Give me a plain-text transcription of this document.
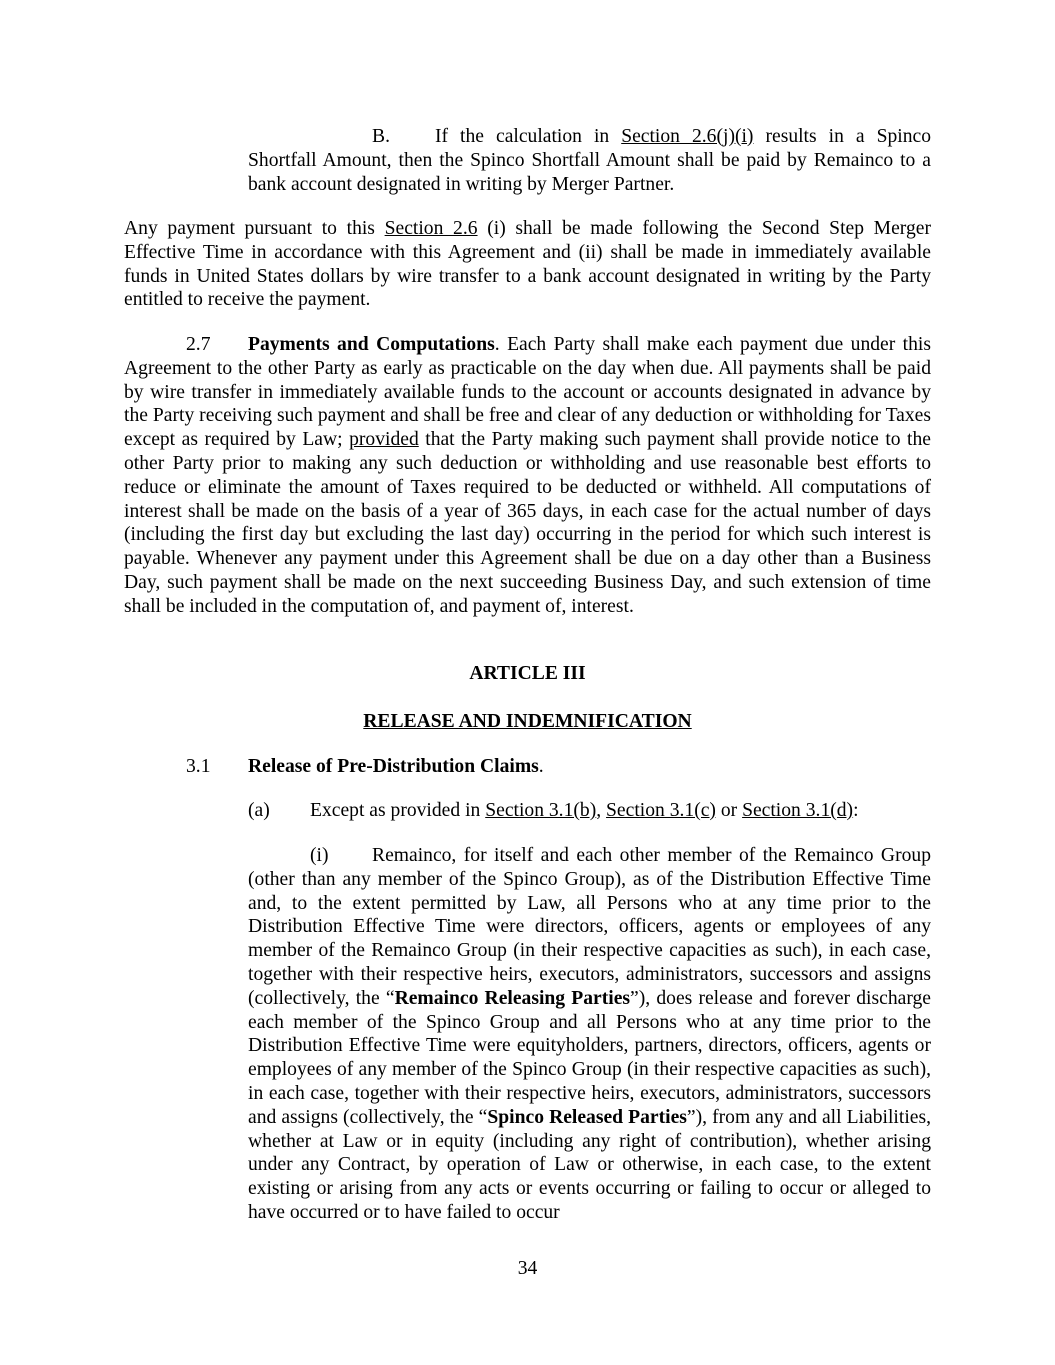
B. If the calculation in Section 2.6(j)(i) results in a Spinco Shortfall Amount, then the Spinco Shortfall Amount shall be paid by Remainco to a bank account designated in writing by Merger Partner.

Any payment pursuant to this Section 2.6 (i) shall be made following the Second Step Merger Effective Time in accordance with this Agreement and (ii) shall be made in immediately available funds in United States dollars by wire transfer to a bank account designated in writing by the Party entitled to receive the payment.

2.7 Payments and Computations. Each Party shall make each payment due under this Agreement to the other Party as early as practicable on the day when due. All payments shall be paid by wire transfer in immediately available funds to the account or accounts designated in advance by the Party receiving such payment and shall be free and clear of any deduction or withholding for Taxes except as required by Law; provided that the Party making such payment shall provide notice to the other Party prior to making any such deduction or withholding and use reasonable best efforts to reduce or eliminate the amount of Taxes required to be deducted or withheld. All computations of interest shall be made on the basis of a year of 365 days, in each case for the actual number of days (including the first day but excluding the last day) occurring in the period for which such interest is payable. Whenever any payment under this Agreement shall be due on a day other than a Business Day, such payment shall be made on the next succeeding Business Day, and such extension of time shall be included in the computation of, and payment of, interest.

ARTICLE III

RELEASE AND INDEMNIFICATION

3.1 Release of Pre-Distribution Claims.

(a) Except as provided in Section 3.1(b), Section 3.1(c) or Section 3.1(d):

(i) Remainco, for itself and each other member of the Remainco Group (other than any member of the Spinco Group), as of the Distribution Effective Time and, to the extent permitted by Law, all Persons who at any time prior to the Distribution Effective Time were directors, officers, agents or employees of any member of the Remainco Group (in their respective capacities as such), in each case, together with their respective heirs, executors, administrators, successors and assigns (collectively, the “Remainco Releasing Parties”), does release and forever discharge each member of the Spinco Group and all Persons who at any time prior to the Distribution Effective Time were equityholders, partners, directors, officers, agents or employees of any member of the Spinco Group (in their respective capacities as such), in each case, together with their respective heirs, executors, administrators, successors and assigns (collectively, the “Spinco Released Parties”), from any and all Liabilities, whether at Law or in equity (including any right of contribution), whether arising under any Contract, by operation of Law or otherwise, in each case, to the extent existing or arising from any acts or events occurring or failing to occur or alleged to have occurred or to have failed to occur

34
